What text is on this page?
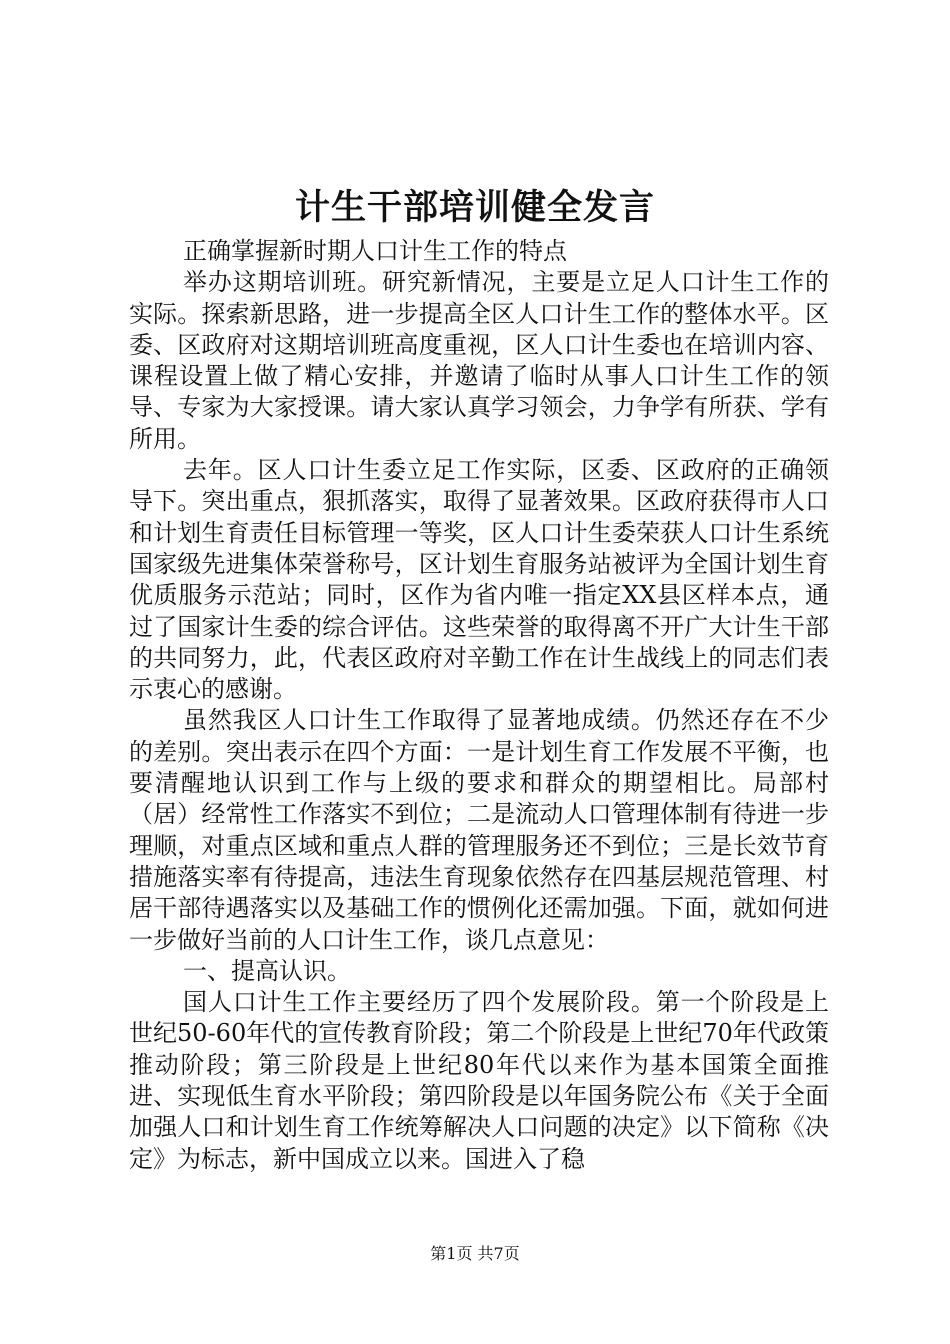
计生干部培训健全发言

正确掌握新时期人口计生工作的特点

举办这期培训班。研究新情况，主要是立足人口计生工作的实际。探索新思路，进一步提高全区人口计生工作的整体水平。区委、区政府对这期培训班高度重视，区人口计生委也在培训内容、课程设置上做了精心安排，并邀请了临时从事人口计生工作的领导、专家为大家授课。请大家认真学习领会，力争学有所获、学有所用。

去年。区人口计生委立足工作实际，区委、区政府的正确领导下。突出重点，狠抓落实，取得了显著效果。区政府获得市人口和计划生育责任目标管理一等奖，区人口计生委荣获人口计生系统国家级先进集体荣誉称号，区计划生育服务站被评为全国计划生育优质服务示范站；同时，区作为省内唯一指定XX县区样本点，通过了国家计生委的综合评估。这些荣誉的取得离不开广大计生干部的共同努力，此，代表区政府对辛勤工作在计生战线上的同志们表示衷心的感谢。

虽然我区人口计生工作取得了显著地成绩。仍然还存在不少的差别。突出表示在四个方面：一是计划生育工作发展不平衡，也要清醒地认识到工作与上级的要求和群众的期望相比。局部村（居）经常性工作落实不到位；二是流动人口管理体制有待进一步理顺，对重点区域和重点人群的管理服务还不到位；三是长效节育措施落实率有待提高，违法生育现象依然存在四基层规范管理、村居干部待遇落实以及基础工作的惯例化还需加强。下面，就如何进一步做好当前的人口计生工作，谈几点意见：

一、提高认识。

国人口计生工作主要经历了四个发展阶段。第一个阶段是上世纪50-60年代的宣传教育阶段；第二个阶段是上世纪70年代政策推动阶段；第三阶段是上世纪80年代以来作为基本国策全面推进、实现低生育水平阶段；第四阶段是以年国务院公布《关于全面加强人口和计划生育工作统筹解决人口问题的决定》以下简称《决定》为标志，新中国成立以来。国进入了稳

第1页 共7页
